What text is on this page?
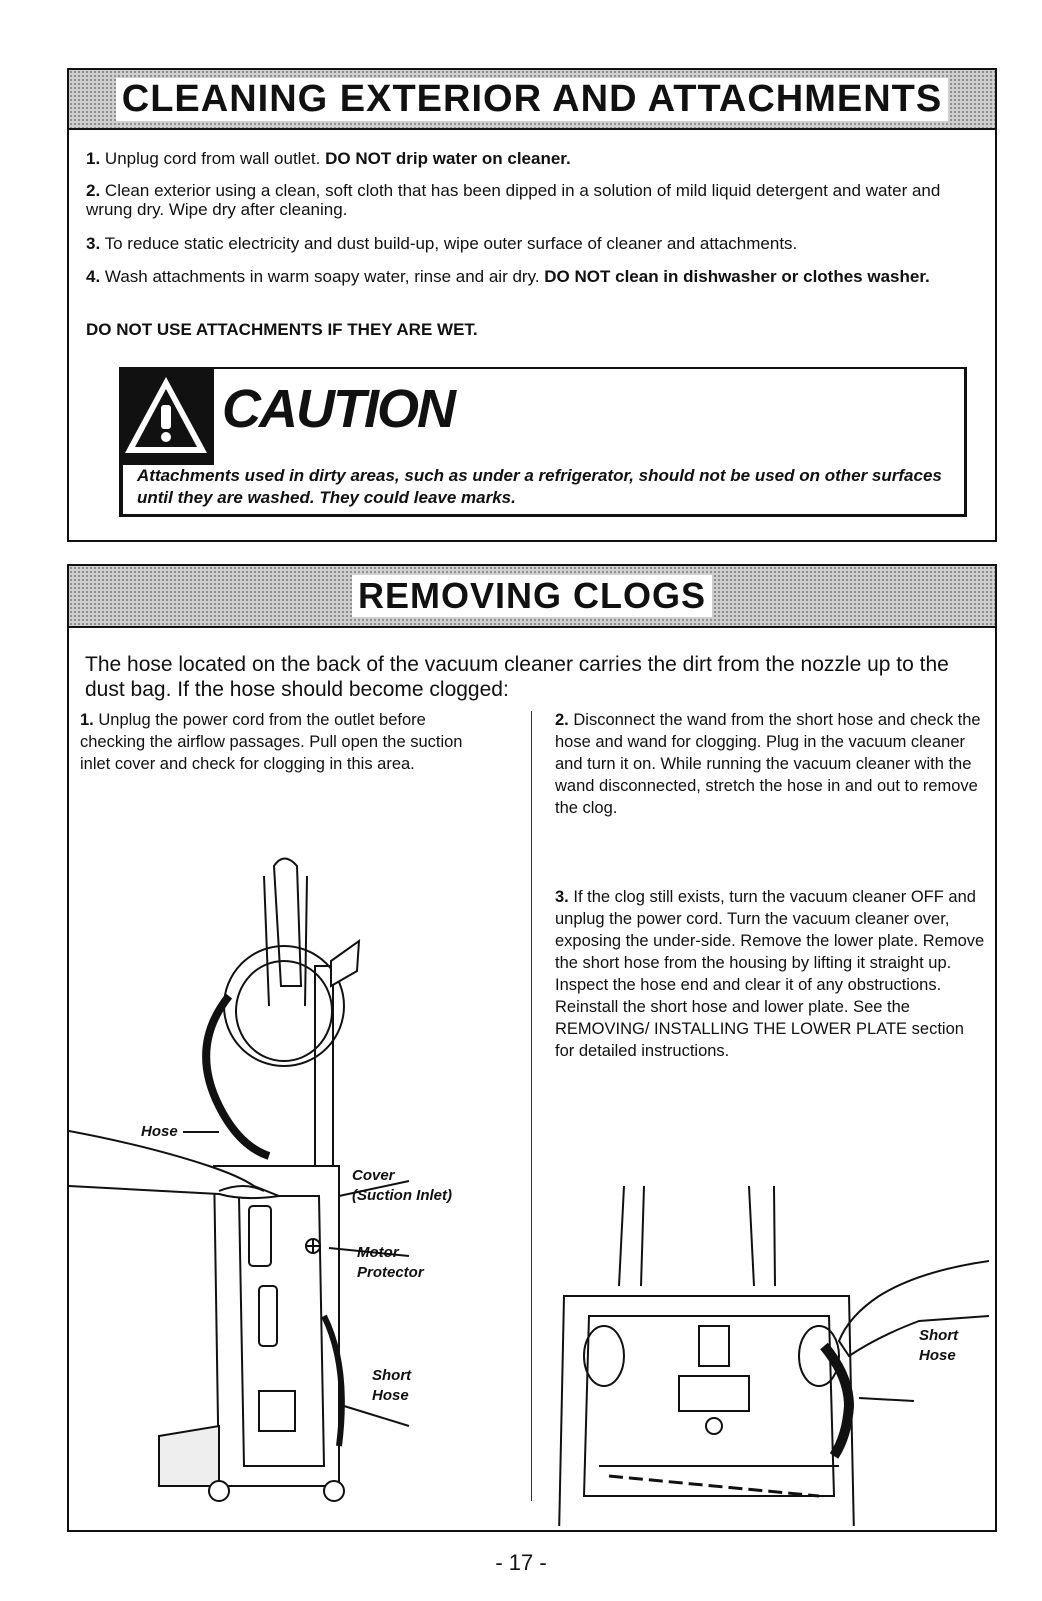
CLEANING EXTERIOR AND ATTACHMENTS
1. Unplug cord from wall outlet. DO NOT drip water on cleaner.
2. Clean exterior using a clean, soft cloth that has been dipped in a solution of mild liquid detergent and water and wrung dry. Wipe dry after cleaning.
3. To reduce static electricity and dust build-up, wipe outer surface of cleaner and attachments.
4. Wash attachments in warm soapy water, rinse and air dry. DO NOT clean in dishwasher or clothes washer.
DO NOT USE ATTACHMENTS IF THEY ARE WET.
CAUTION
Attachments used in dirty areas, such as under a refrigerator, should not be used on other surfaces until they are washed. They could leave marks.
REMOVING CLOGS
The hose located on the back of the vacuum cleaner carries the dirt from the nozzle up to the dust bag. If the hose should become clogged:
1. Unplug the power cord from the outlet before checking the airflow passages. Pull open the suction inlet cover and check for clogging in this area.
2. Disconnect the wand from the short hose and check the hose and wand for clogging. Plug in the vacuum cleaner and turn it on. While running the vacuum cleaner with the wand disconnected, stretch the hose in and out to remove the clog.
3. If the clog still exists, turn the vacuum cleaner OFF and unplug the power cord. Turn the vacuum cleaner over, exposing the under-side. Remove the lower plate. Remove the short hose from the housing by lifting it straight up. Inspect the hose end and clear it of any obstructions. Reinstall the short hose and lower plate. See the REMOVING/ INSTALLING THE LOWER PLATE section for detailed instructions.
Hose
Cover
(Suction Inlet)
Motor
Protector
Short
Hose
Short
Hose
- 17 -
